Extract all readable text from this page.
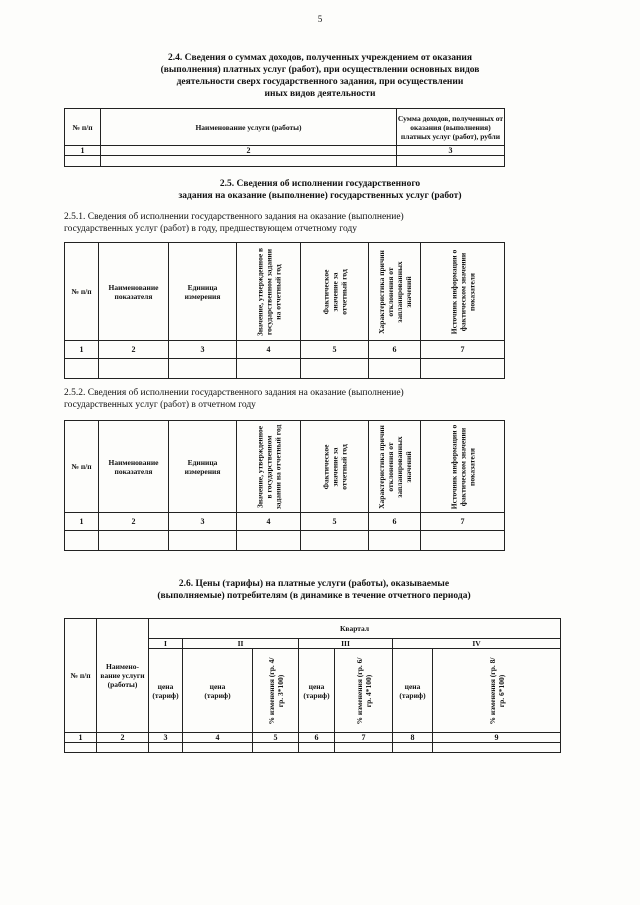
5
2.4. Сведения о суммах доходов, полученных учреждением от оказания
(выполнения) платных услуг (работ), при осуществлении основных видов
деятельности сверх государственного задания, при осуществлении
иных видов деятельности
№ п/п	Наименование услуги (работы)	Сумма доходов, полученных от оказания (выполнения) платных услуг (работ), рубли
1	2	3

2.5. Сведения об исполнении государственного
задания на оказание (выполнение) государственных услуг (работ)
2.5.1. Сведения об исполнении государственного задания на оказание (выполнение)
государственных услуг (работ) в году, предшествующем отчетному году
№ п/п	Наименование показателя	Единица измерения	Значение, утвержденное в государственном задании на отчетный год	Фактическое значение за отчетный год	Характеристика причин отклонения от запланированных значений	Источник информации о фактическом значении показателя

1	2	3	4	5	6	7

2.5.2. Сведения об исполнении государственного задания на оказание (выполнение)
государственных услуг (работ) в отчетном году
№ п/п	Наименование показателя	Единица измерения	Значение, утвержденное в государственном задании на отчетный год	Фактическое значение за отчетный год	Характеристика причин отклонения от запланированных значений	Источник информации о фактическом значении показателя

1	2	3	4	5	6	7

2.6. Цены (тарифы) на платные услуги (работы), оказываемые
(выполняемые) потребителям (в динамике в течение отчетного периода)
№ п/п	Наимено-вание услуги (работы)	Квартал						
		I	II		III		IV	
		цена (тариф)	цена (тариф)	% изменения (гр. 4/гр. 3*100)	цена (тариф)	% изменения (гр. 6/гр. 4*100)	цена (тариф)	% изменения (гр. 8/гр. 6*100)

1	2	3	4	5	6	7	8	9
